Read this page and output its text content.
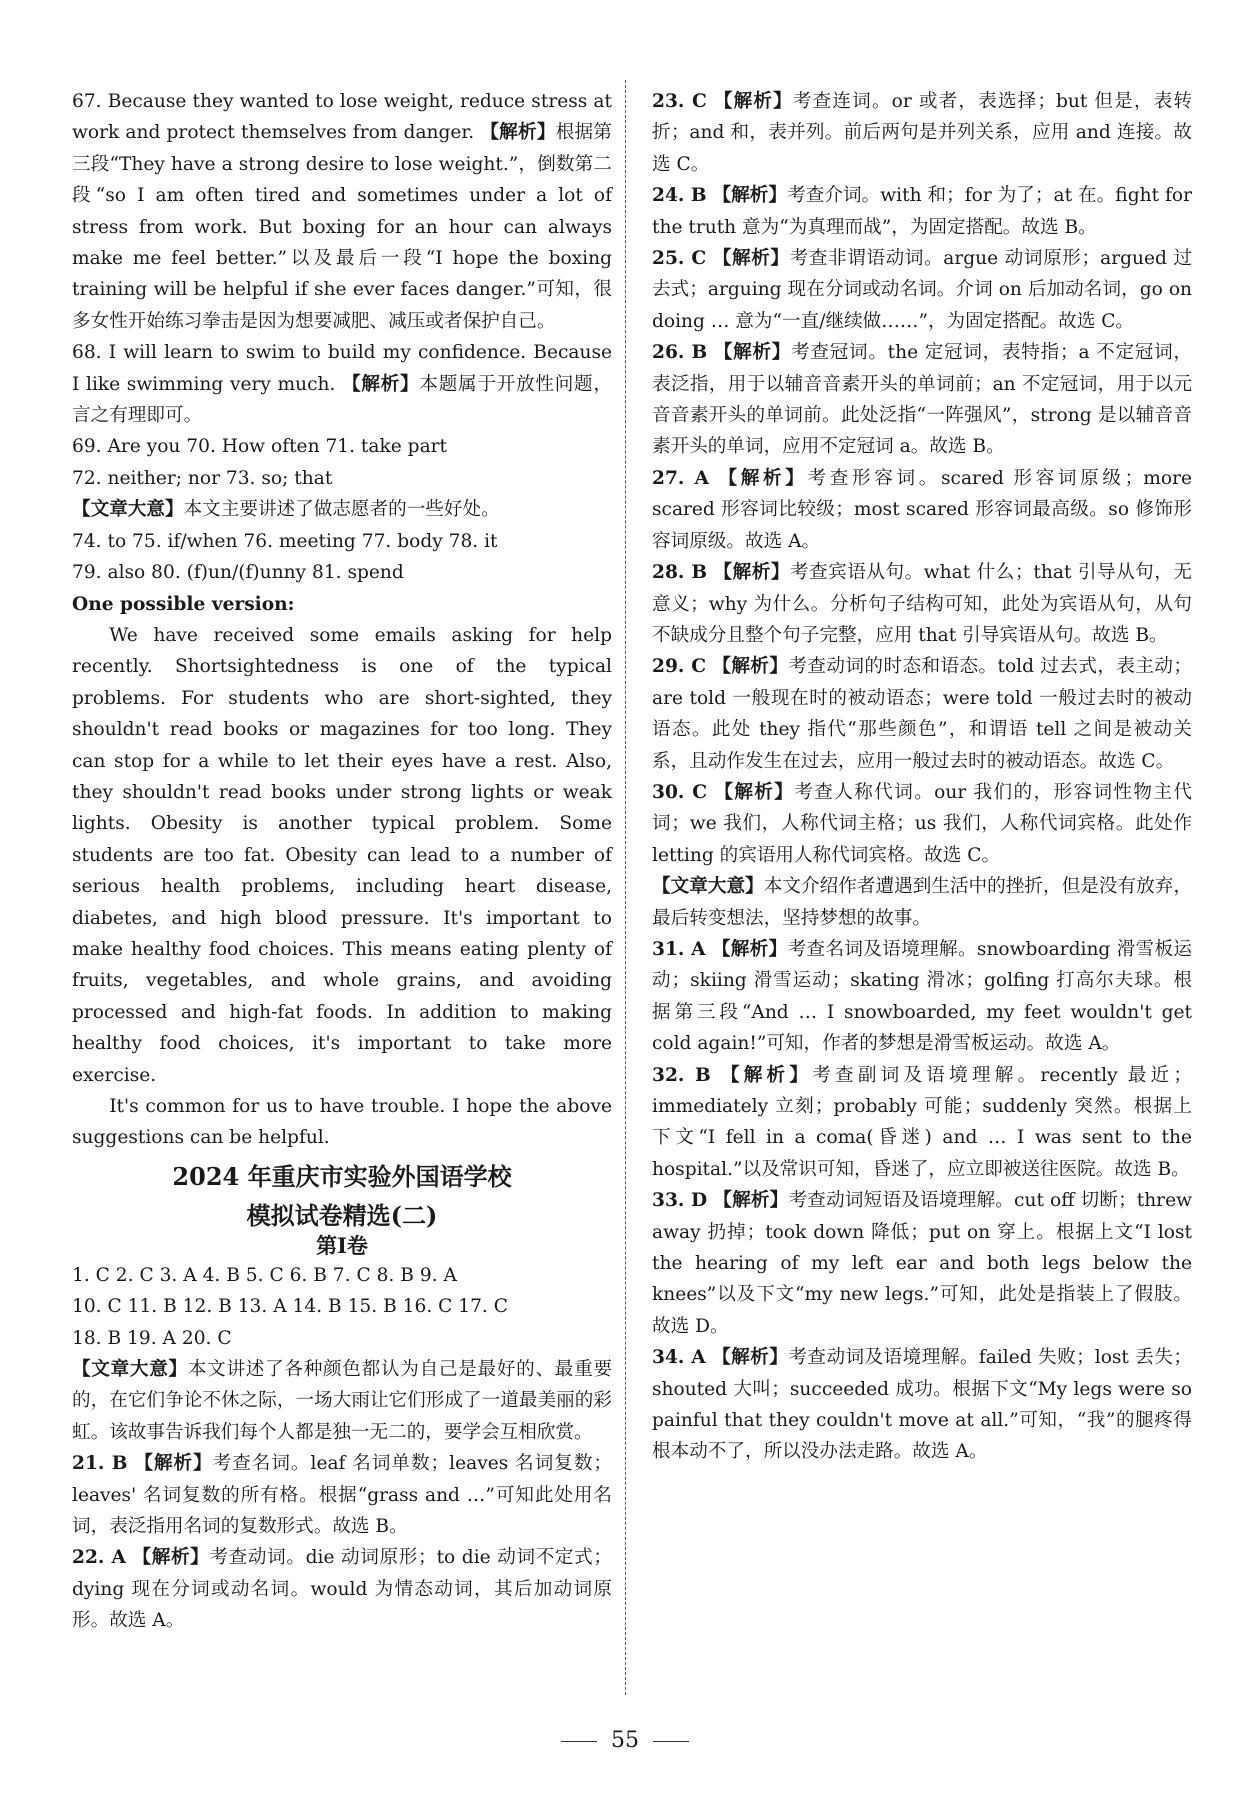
67. Because they wanted to lose weight, reduce stress at work and protect themselves from danger. 【解析】根据第三段“They have a strong desire to lose weight.”，倒数第二段“so I am often tired and sometimes under a lot of stress from work. But boxing for an hour can always make me feel better.”以及最后一段“I hope the boxing training will be helpful if she ever faces danger.”可知，很多女性开始练习拳击是因为想要减肥、减压或者保护自己。

68. I will learn to swim to build my confidence. Because I like swimming very much. 【解析】本题属于开放性问题，言之有理即可。

69. Are you 70. How often 71. take part

72. neither; nor 73. so; that

【文章大意】本文主要讲述了做志愿者的一些好处。

74. to 75. if/when 76. meeting 77. body 78. it

79. also 80. (f)un/(f)unny 81. spend

One possible version:

We have received some emails asking for help recently. Shortsightedness is one of the typical problems. For students who are short-sighted, they shouldn't read books or magazines for too long. They can stop for a while to let their eyes have a rest. Also, they shouldn't read books under strong lights or weak lights. Obesity is another typical problem. Some students are too fat. Obesity can lead to a number of serious health problems, including heart disease, diabetes, and high blood pressure. It's important to make healthy food choices. This means eating plenty of fruits, vegetables, and whole grains, and avoiding processed and high-fat foods. In addition to making healthy food choices, it's important to take more exercise.

It's common for us to have trouble. I hope the above suggestions can be helpful.

2024 年重庆市实验外国语学校

模拟试卷精选(二)

第Ⅰ卷

1. C 2. C 3. A 4. B 5. C 6. B 7. C 8. B 9. A

10. C 11. B 12. B 13. A 14. B 15. B 16. C 17. C

18. B 19. A 20. C

【文章大意】本文讲述了各种颜色都认为自己是最好的、最重要的，在它们争论不休之际，一场大雨让它们形成了一道最美丽的彩虹。该故事告诉我们每个人都是独一无二的，要学会互相欣赏。

21. B 【解析】考查名词。leaf 名词单数；leaves 名词复数；leaves' 名词复数的所有格。根据“grass and …”可知此处用名词，表泛指用名词的复数形式。故选 B。

22. A 【解析】考查动词。die 动词原形；to die 动词不定式；dying 现在分词或动名词。would 为情态动词，其后加动词原形。故选 A。

23. C 【解析】考查连词。or 或者，表选择；but 但是，表转折；and 和，表并列。前后两句是并列关系，应用 and 连接。故选 C。

24. B 【解析】考查介词。with 和；for 为了；at 在。fight for the truth 意为“为真理而战”，为固定搭配。故选 B。

25. C 【解析】考查非谓语动词。argue 动词原形；argued 过去式；arguing 现在分词或动名词。介词 on 后加动名词，go on doing … 意为“一直/继续做……”，为固定搭配。故选 C。

26. B 【解析】考查冠词。the 定冠词，表特指；a 不定冠词，表泛指，用于以辅音音素开头的单词前；an 不定冠词，用于以元音音素开头的单词前。此处泛指“一阵强风”，strong 是以辅音音素开头的单词，应用不定冠词 a。故选 B。

27. A 【解析】考查形容词。scared 形容词原级；more scared 形容词比较级；most scared 形容词最高级。so 修饰形容词原级。故选 A。

28. B 【解析】考查宾语从句。what 什么；that 引导从句，无意义；why 为什么。分析句子结构可知，此处为宾语从句，从句不缺成分且整个句子完整，应用 that 引导宾语从句。故选 B。

29. C 【解析】考查动词的时态和语态。told 过去式，表主动；are told 一般现在时的被动语态；were told 一般过去时的被动语态。此处 they 指代“那些颜色”，和谓语 tell 之间是被动关系，且动作发生在过去，应用一般过去时的被动语态。故选 C。

30. C 【解析】考查人称代词。our 我们的，形容词性物主代词；we 我们，人称代词主格；us 我们，人称代词宾格。此处作 letting 的宾语用人称代词宾格。故选 C。

【文章大意】本文介绍作者遭遇到生活中的挫折，但是没有放弃，最后转变想法，坚持梦想的故事。

31. A 【解析】考查名词及语境理解。snowboarding 滑雪板运动；skiing 滑雪运动；skating 滑冰；golfing 打高尔夫球。根据第三段“And … I snowboarded, my feet wouldn't get cold again!”可知，作者的梦想是滑雪板运动。故选 A。

32. B 【解析】考查副词及语境理解。recently 最近；immediately 立刻；probably 可能；suddenly 突然。根据上下文“I fell in a coma(昏迷) and … I was sent to the hospital.”以及常识可知，昏迷了，应立即被送往医院。故选 B。

33. D 【解析】考查动词短语及语境理解。cut off 切断；threw away 扔掉；took down 降低；put on 穿上。根据上文“I lost the hearing of my left ear and both legs below the knees”以及下文“my new legs.”可知，此处是指装上了假肢。故选 D。

34. A 【解析】考查动词及语境理解。failed 失败；lost 丢失；shouted 大叫；succeeded 成功。根据下文“My legs were so painful that they couldn't move at all.”可知，“我”的腿疼得根本动不了，所以没办法走路。故选 A。

55
